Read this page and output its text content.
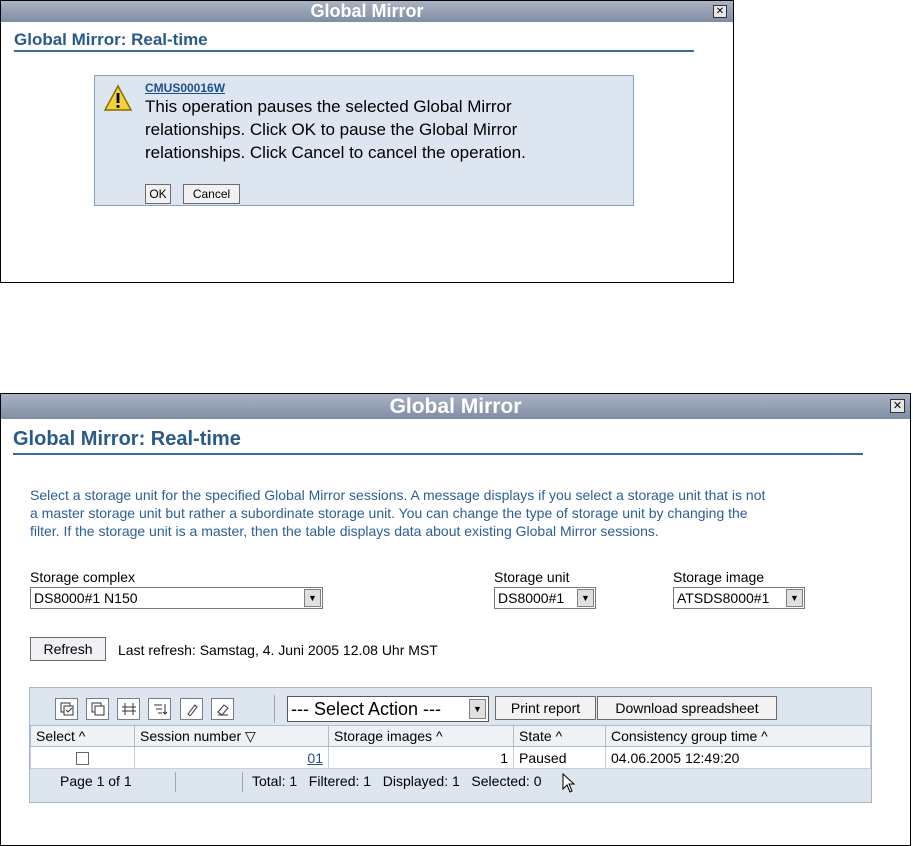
Global Mirror	✕
Global Mirror: Real-time
CMUS00016W
This operation pauses the selected Global Mirror
relationships. Click OK to pause the Global Mirror
relationships. Click Cancel to cancel the operation.
OK	Cancel
Global Mirror	✕
Global Mirror: Real-time
Select a storage unit for the specified Global Mirror sessions. A message displays if you select a storage unit that is not
a master storage unit but rather a subordinate storage unit. You can change the type of storage unit by changing the
filter. If the storage unit is a master, then the table displays data about existing Global Mirror sessions.
Storage complex
DS8000#1 N150	▼
Storage unit
DS8000#1	▼
Storage image
ATSDS8000#1	▼
Refresh	Last refresh: Samstag, 4. Juni 2005 12.08 Uhr MST
--- Select Action ---	▼	Print report	Download spreadsheet
Select ^	Session number ▽	Storage images ^	State ^	Consistency group time ^
	01	1	Paused	04.06.2005 12:49:20
Page 1 of 1	Total: 1   Filtered: 1   Displayed: 1   Selected: 0
